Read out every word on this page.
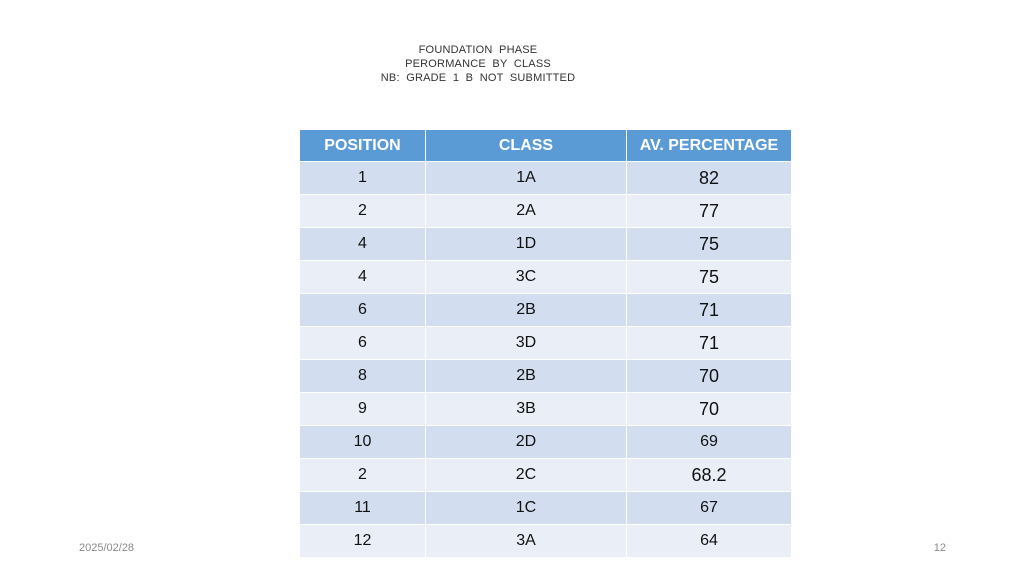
FOUNDATION  PHASE
PERORMANCE  BY  CLASS
NB:  GRADE  1  B  NOT  SUBMITTED
POSITION	CLASS	AV. PERCENTAGE
1	1A	82
2	2A	77
4	1D	75
4	3C	75
6	2B	71
6	3D	71
8	2B	70
9	3B	70
10	2D	69
2	2C	68.2
11	1C	67
12	3A	64
2025/02/28	12
